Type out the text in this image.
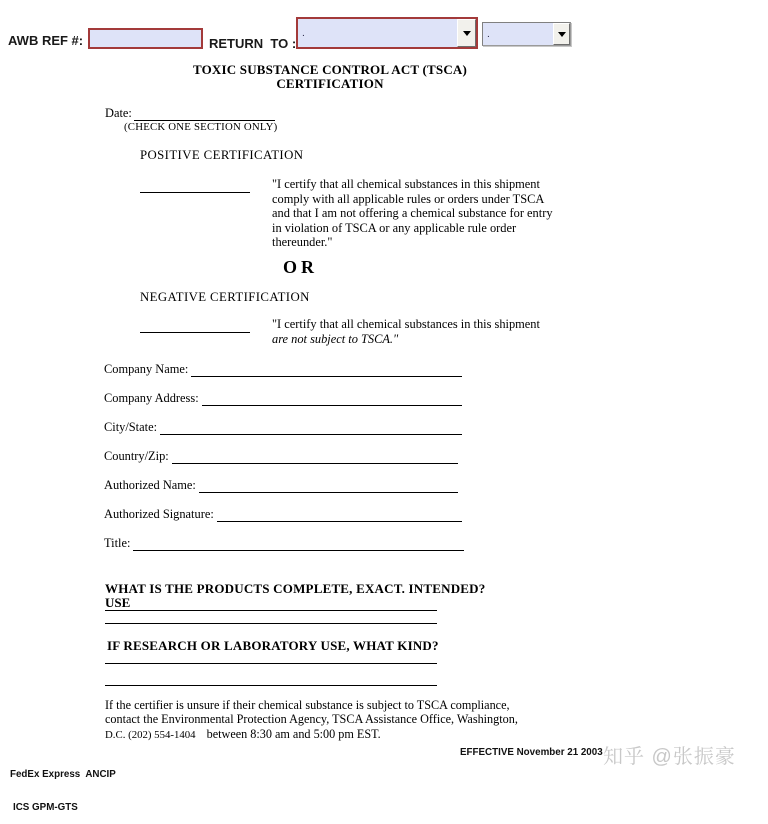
AWB REF #:	RETURN  TO :
.	.
TOXIC SUBSTANCE CONTROL ACT (TSCA)
CERTIFICATION
Date:
(CHECK ONE SECTION ONLY)
POSITIVE CERTIFICATION
"I certify that all chemical substances in this shipment comply with all applicable rules or orders under TSCA and that I am not offering a chemical substance for entry in violation of TSCA or any applicable rule order thereunder."
OR
NEGATIVE CERTIFICATION
"I certify that all chemical substances in this shipment
are not subject to TSCA."
Company Name:
Company Address:
City/State:
Country/Zip:
Authorized Name:
Authorized Signature:
Title:
WHAT IS THE PRODUCTS COMPLETE, EXACT. INTENDED?
USE
IF RESEARCH OR LABORATORY USE, WHAT KIND?
If the certifier is unsure if their chemical substance is subject to TSCA compliance,
contact the Environmental Protection Agency, TSCA Assistance Office, Washington,
D.C. (202) 554-1404 between 8:30 am and 5:00 pm EST.

FedEx Express  ANCIP

ICS GPM-GTS

EFFECTIVE November 21 2003 知乎 @张振豪
